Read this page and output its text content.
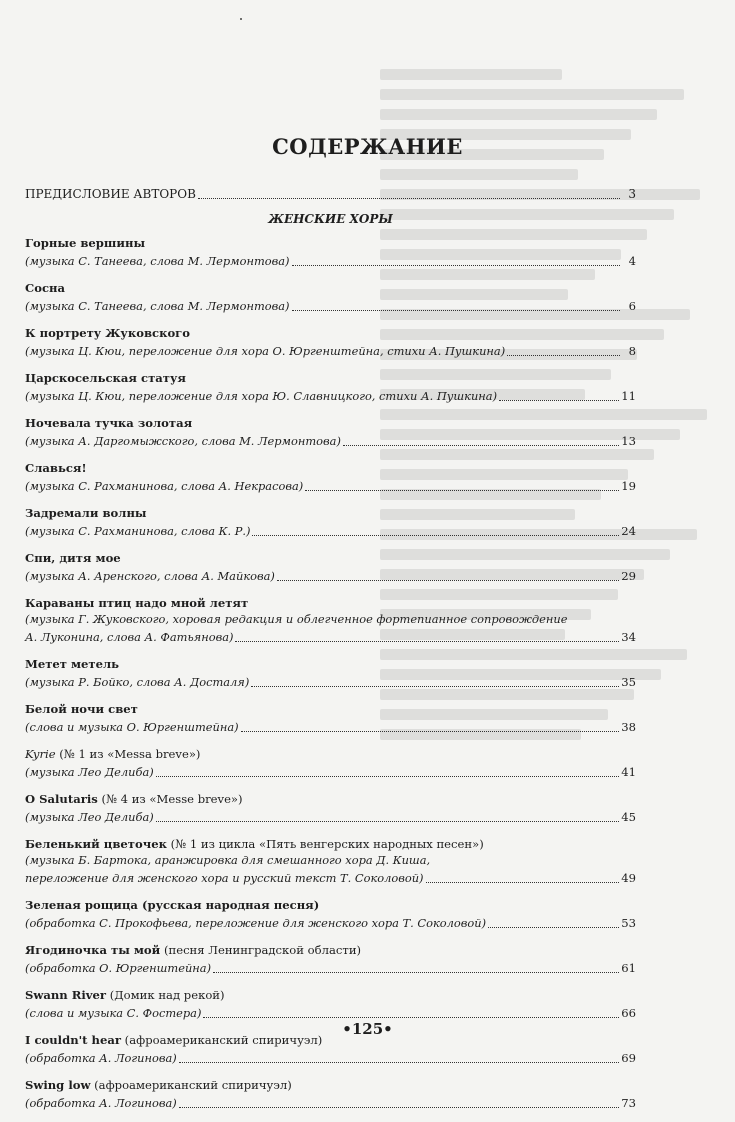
СОДЕРЖАНИЕ
ПРЕДИСЛОВИЕ АВТОРОВ	3
ЖЕНСКИЕ ХОРЫ
Горные вершины
(музыка С. Танеева, слова М. Лермонтова)	4
Сосна
(музыка С. Танеева, слова М. Лермонтова)	6
К портрету Жуковского
(музыка Ц. Кюи, переложение для хора О. Юргенштейна, стихи А. Пушкина)	8
Царскосельская статуя
(музыка Ц. Кюи, переложение для хора Ю. Славницкого, стихи А. Пушкина)	11
Ночевала тучка золотая
(музыка А. Даргомыжского, слова М. Лермонтова)	13
Славься!
(музыка С. Рахманинова, слова А. Некрасова)	19
Задремали волны
(музыка С. Рахманинова, слова К. Р.)	24
Спи, дитя мое
(музыка А. Аренского, слова А. Майкова)	29
Караваны птиц надо мной летят
(музыка Г. Жуковского, хоровая редакция и облегченное фортепианное сопровождение
А. Луконина, слова А. Фатьянова)	34
Метет метель
(музыка Р. Бойко, слова А. Досталя)	35
Белой ночи свет
(слова и музыка О. Юргенштейна)	38
Kyrie (№ 1 из «Messa breve»)
(музыка Лео Делиба)	41
O Salutaris (№ 4 из «Messe breve»)
(музыка Лео Делиба)	45
Беленький цветочек (№ 1 из цикла «Пять венгерских народных песен»)
(музыка Б. Бартока, аранжировка для смешанного хора Д. Киша,
переложение для женского хора и русский текст Т. Соколовой)	49
Зеленая рощица (русская народная песня)
(обработка С. Прокофьева, переложение для женского хора Т. Соколовой)	53
Ягодиночка ты мой (песня Ленинградской области)
(обработка О. Юргенштейна)	61
Swann River (Домик над рекой)
(слова и музыка С. Фостера)	66
I couldn't hear (афроамериканский спиричуэл)
(обработка А. Логинова)	69
Swing low (афроамериканский спиричуэл)
(обработка А. Логинова)	73
•125•
